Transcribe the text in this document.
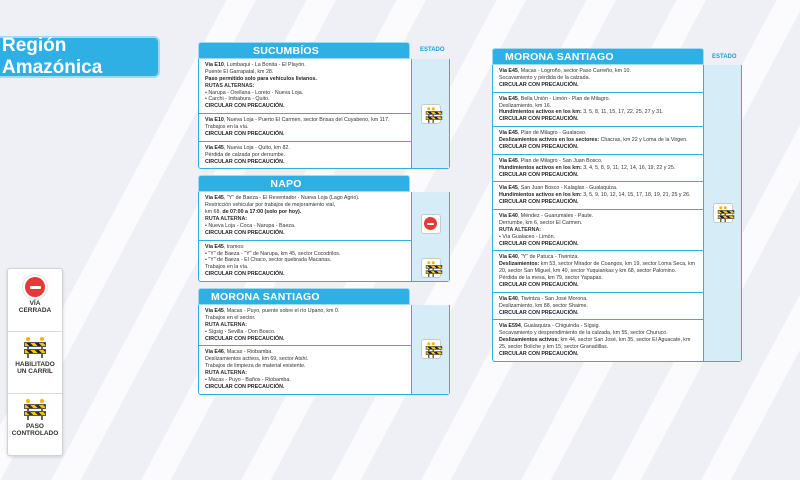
Región Amazónica
VÍA
CERRADA
HABILITADO
UN CARRIL
PASO
CONTROLADO
ESTADO
SUCUMBÍOS
Vía E10, Lumbaqui - La Bonita - El Playón.
Puente El Garrapatal, km 28.
Paso permitido solo para vehículos livianos.
RUTAS ALTERNAS:
• Narupa - Orellana - Loreto - Nueva Loja.
• Carchi - Imbabura - Quito.
CIRCULAR CON PRECAUCIÓN.
Vía E10, Nueva Loja - Puerto El Carmen, sector Brisas del Cuyabeno, km 117.
Trabajos en la vía.
CIRCULAR CON PRECAUCIÓN.
Vía E45, Nueva Loja - Quito, km 82.
Pérdida de calzada por derrumbe.
CIRCULAR CON PRECAUCIÓN.
NAPO
Vía E45, "Y" de Baeza - El Reventador - Nueva Loja (Lago Agrio).
Restricción vehicular por trabajos de mejoramiento vial,
km 68, de 07:00 a 17:00 (solo por hoy).
RUTA ALTERNA:
• Nueva Loja - Coca - Narupa - Baeza.
CIRCULAR CON PRECAUCIÓN.
Vía E45, tramos:
• "Y" de Baeza - "Y" de Narupa, km 45, sector Cocodrilos.
• "Y" de Baeza - El Chaco, sector quebrada Macanas.
Trabajos en la vía.
CIRCULAR CON PRECAUCIÓN.
MORONA SANTIAGO
Vía E45, Macas - Puyo, puente sobre el río Upano, km 0.
Trabajos en el sector.
RUTA ALTERNA:
• Sígsig - Sevilla - Don Bosco.
CIRCULAR CON PRECAUCIÓN.
Vía E46, Macas - Riobamba.
Deslizamientos activos, km 69, sector Atshí.
Trabajos de limpieza de material existente.
RUTA ALTERNA:
• Macas - Puyo - Baños - Riobamba.
CIRCULAR CON PRECAUCIÓN.
ESTADO
MORONA SANTIAGO
Vía E45, Macas - Logroño, sector Paso Carreño, km 10.
Socavamiento y pérdida de la calzada.
CIRCULAR CON PRECAUCIÓN.
Vía E45, Bella Unión - Limón - Plan de Milagro.
Deslizamiento, km 16.
Hundimientos activos en los km: 3, 5, 8, 11, 15, 17, 22, 25, 27 y 31.
CIRCULAR CON PRECAUCIÓN.
Vía E45, Plan de Milagro - Gualaceo.
Deslizamientos activos en los sectores: Chacras, km 22 y Loma de la Virgen.
CIRCULAR CON PRECAUCIÓN.
Vía E45, Plan de Milagro - San Juan Bosco.
Hundimientos activos en los km: 3, 4, 5, 8, 9, 11, 12, 14, 16, 19, 22 y 25.
CIRCULAR CON PRECAUCIÓN.
Vía E45, San Juan Bosco - Kalaglas - Gualaquiza.
Hundimientos activos en los km: 3, 5, 9, 10, 12, 14, 15, 17, 18, 19, 21, 25 y 26.
CIRCULAR CON PRECAUCIÓN.
Vía E40, Méndez - Guarumales - Paute.
Derrumbe, km 6, sector El Carmen.
RUTA ALTERNA:
• Vía Gualaceo - Limón.
CIRCULAR CON PRECAUCIÓN.
Vía E40, "Y" de Patuca - Tiwintza.
Deslizamientos: km 53, sector Mirador de Coangos, km 19, sector Loma Seca, km 20, sector San Miguel, km 40, sector Yuquiankas y km 68, sector Palomino.
Pérdida de la mesa, km 79, sector Yapapas.
CIRCULAR CON PRECAUCIÓN.
Vía E40, Tiwintza - San José Morona.
Deslizamiento, km 88, sector Shaime.
CIRCULAR CON PRECAUCIÓN.
Vía E594, Gualaquiza - Chiguinda - Sígsig.
Socavamiento y desprendimiento de la calzada, km 55, sector Churuco.
Deslizamientos activos: km 44, sector San José, km 35, sector El Aguacate, km 25, sector Boliche y km 15, sector Granadillas.
CIRCULAR CON PRECAUCIÓN.
